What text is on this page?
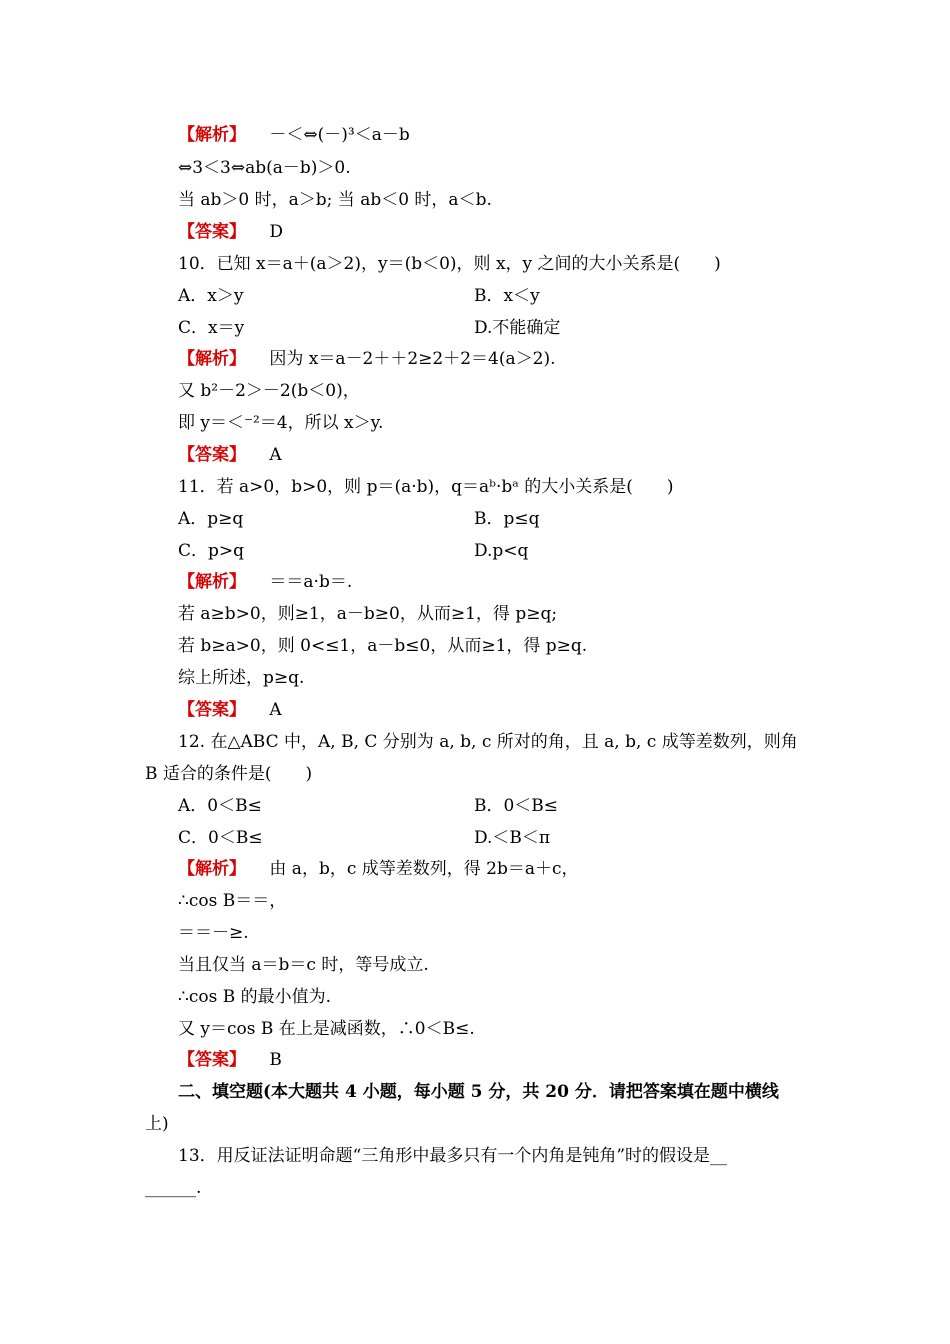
【解析】 －＜⇔(－)³＜a－b
⇔3＜3⇔ab(a－b)＞0.
当 ab＞0 时，a＞b; 当 ab＜0 时，a＜b.
【答案】 D
10．已知 x＝a＋(a＞2)，y＝(b＜0)，则 x，y 之间的大小关系是(　　)
A．x＞y	B．x＜y
C．x＝y	D.不能确定
【解析】 因为 x＝a－2＋＋2≥2＋2＝4(a＞2).
又 b²－2＞－2(b＜0)，
即 y＝＜⁻²＝4，所以 x＞y.
【答案】 A
11．若 a>0，b>0，则 p＝(a·b)，q＝aᵇ·bᵃ 的大小关系是(　　)
A．p≥q	B．p≤q
C．p>q	D.p<q
【解析】 ＝＝a·b＝.
若 a≥b>0，则≥1，a－b≥0，从而≥1，得 p≥q;
若 b≥a>0，则 0<≤1，a－b≤0，从而≥1，得 p≥q.
综上所述，p≥q.
【答案】 A
12. 在△ABC 中，A, B, C 分别为 a, b, c 所对的角，且 a, b, c 成等差数列，则角
B 适合的条件是(　　)
A．0＜B≤	B．0＜B≤
C．0＜B≤	D.＜B＜π
【解析】 由 a，b，c 成等差数列，得 2b＝a＋c，
∴cos B＝＝，
＝＝－≥.
当且仅当 a＝b＝c 时，等号成立.
∴cos B 的最小值为.
又 y＝cos B 在上是减函数，∴0＜B≤.
【答案】 B
二、填空题(本大题共 4 小题，每小题 5 分，共 20 分．请把答案填在题中横线
上)
13．用反证法证明命题“三角形中最多只有一个内角是钝角”时的假设是__
______.
